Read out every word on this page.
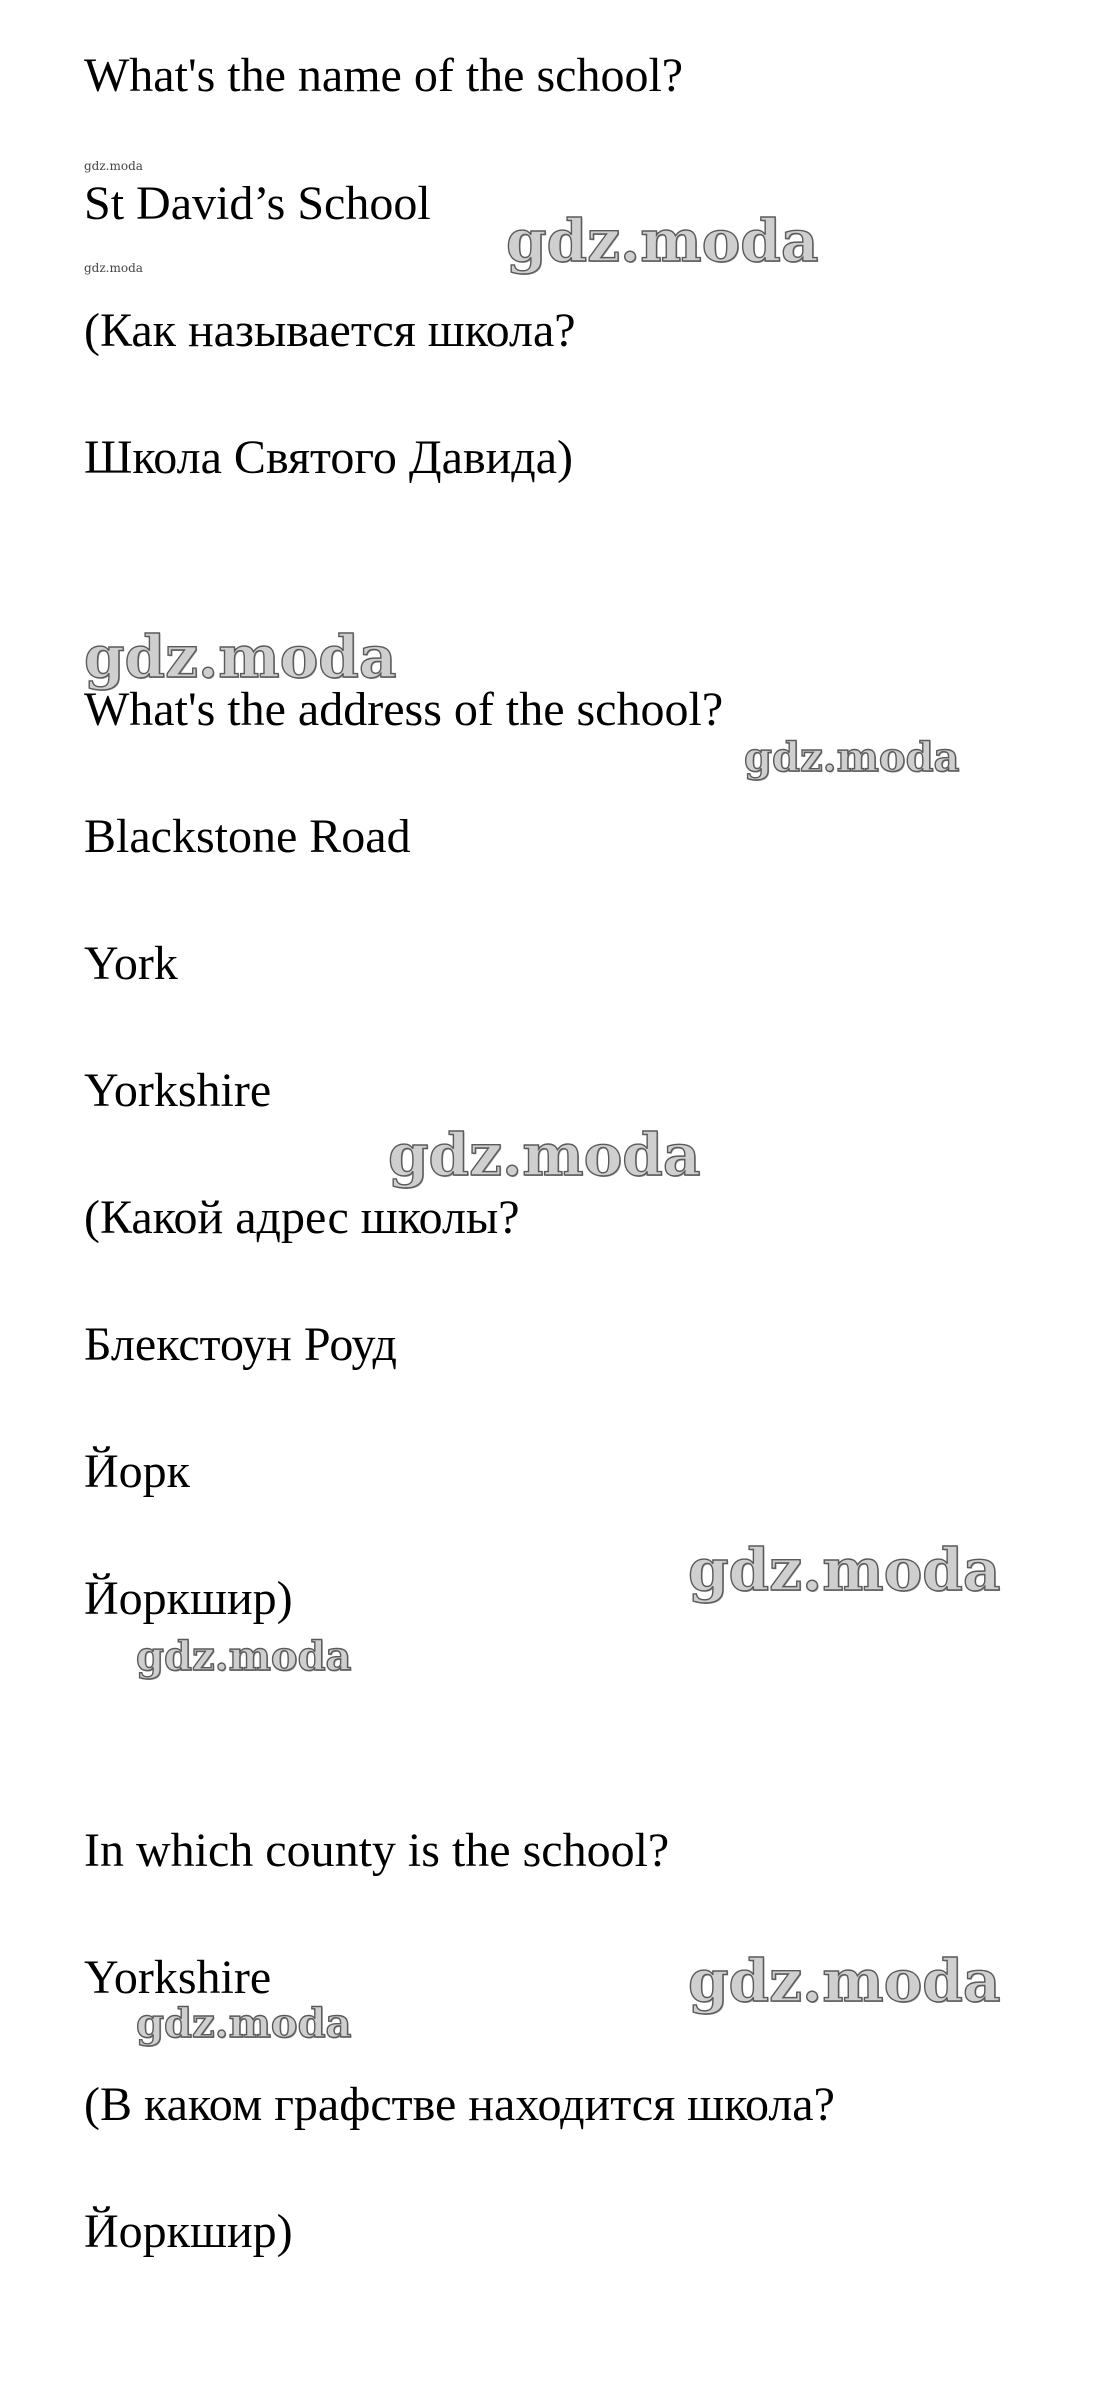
What's the name of the school?

St David’s School

(Как называется школа?

Школа Святого Давида)

What's the address of the school?

Blackstone Road

York

Yorkshire

(Какой адрес школы?

Блекстоун Роуд

Йорк

Йоркшир)

In which county is the school?

Yorkshire

(В каком графстве находится школа?

Йоркшир)

gdz.moda
gdz.moda
gdz.moda
gdz.moda
gdz.moda
gdz.moda
gdz.moda
gdz.moda
gdz.moda
gdz.moda
